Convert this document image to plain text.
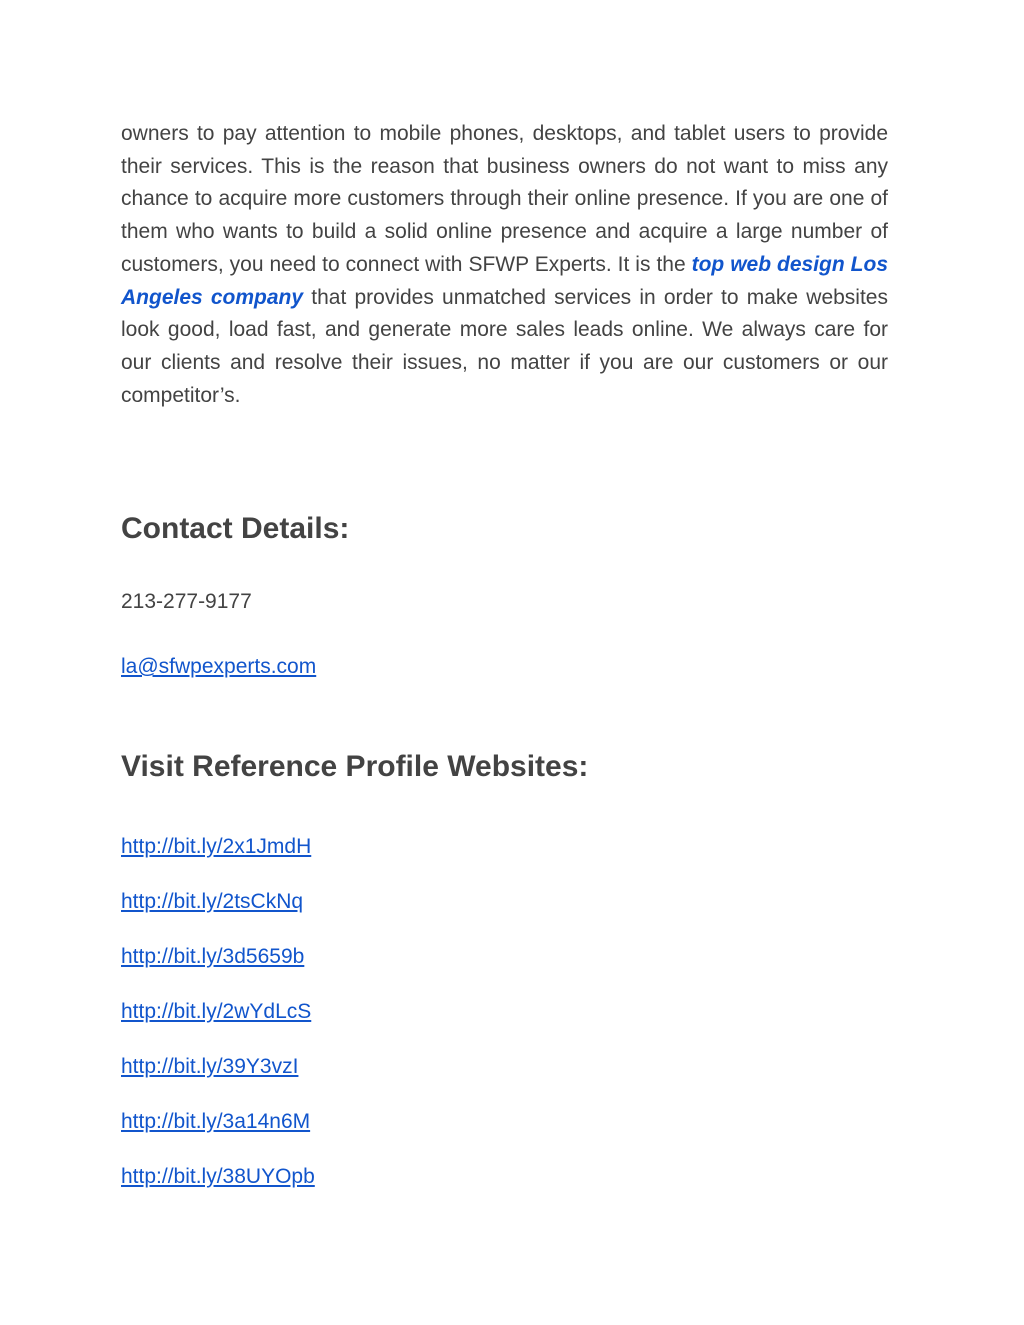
owners to pay attention to mobile phones, desktops, and tablet users to provide their services. This is the reason that business owners do not want to miss any chance to acquire more customers through their online presence. If you are one of them who wants to build a solid online presence and acquire a large number of customers, you need to connect with SFWP Experts. It is the top web design Los Angeles company that provides unmatched services in order to make websites look good, load fast, and generate more sales leads online. We always care for our clients and resolve their issues, no matter if you are our customers or our competitor’s.

Contact Details:

213-277-9177

la@sfwpexperts.com
Visit Reference Profile Websites:
http://bit.ly/2x1JmdH
http://bit.ly/2tsCkNq
http://bit.ly/3d5659b
http://bit.ly/2wYdLcS
http://bit.ly/39Y3vzI
http://bit.ly/3a14n6M
http://bit.ly/38UYOpb
